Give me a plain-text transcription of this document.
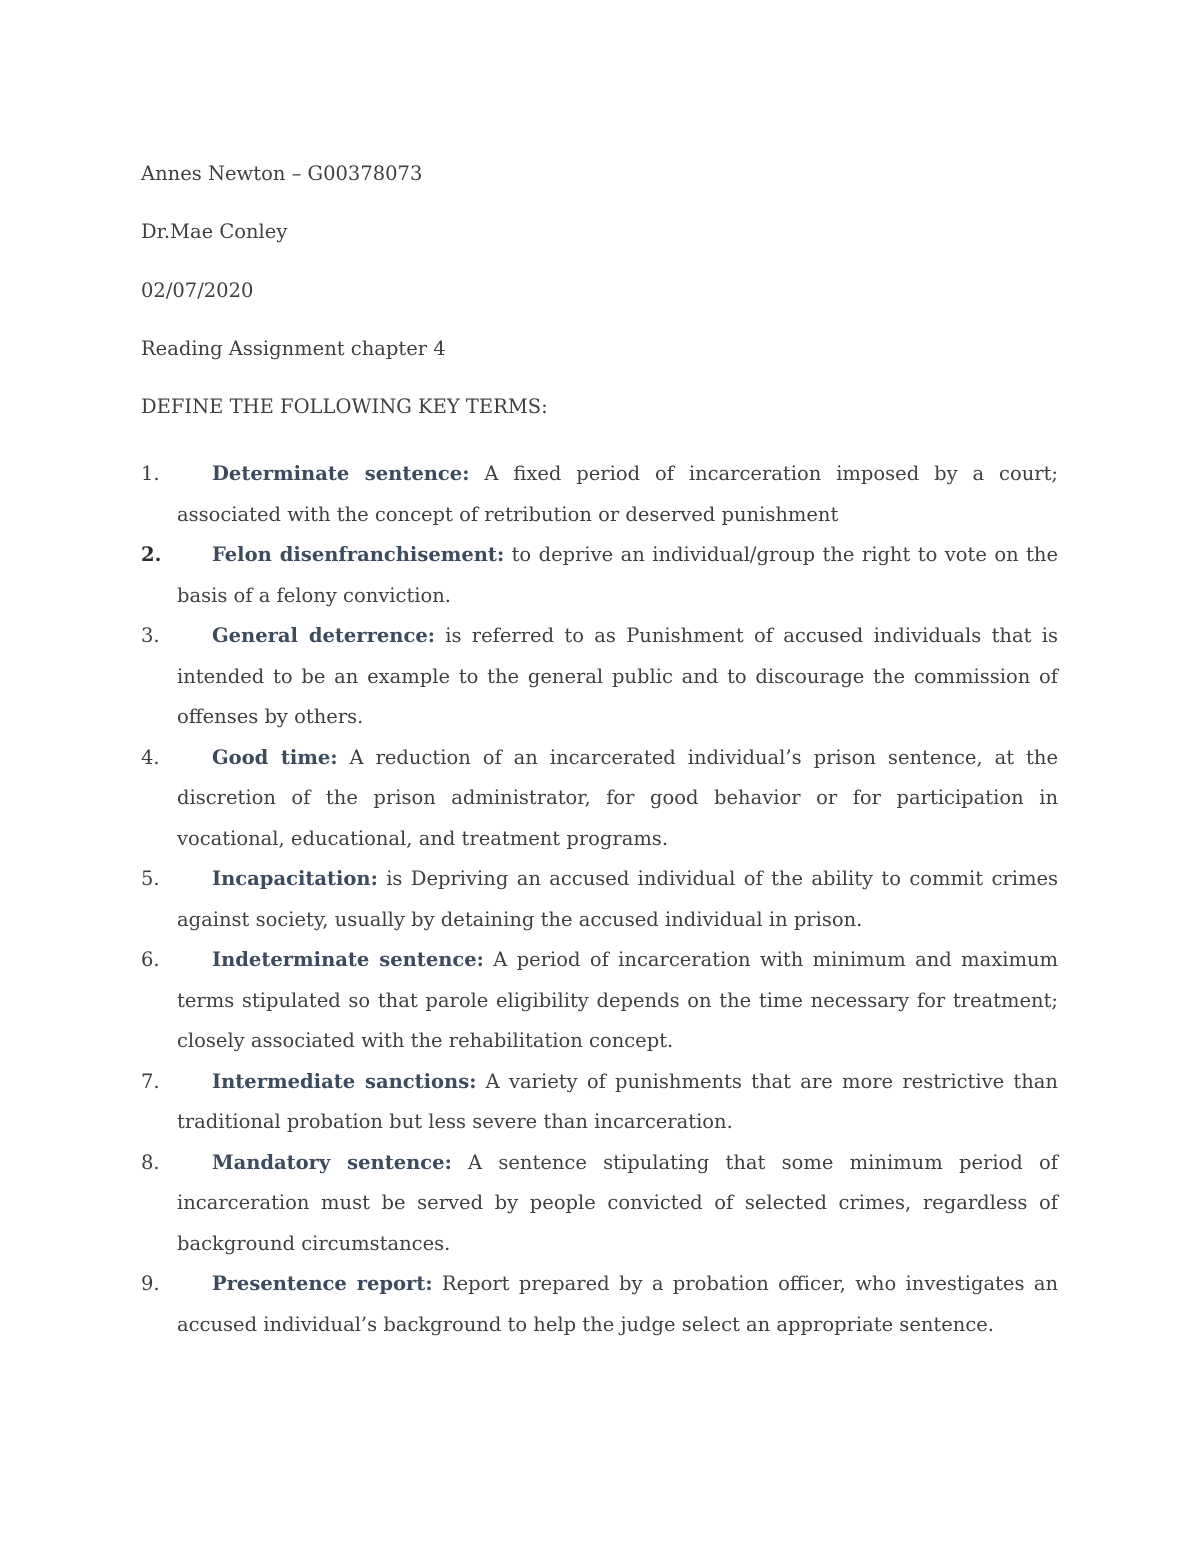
Annes Newton – G00378073
Dr.Mae Conley
02/07/2020
Reading Assignment chapter 4
DEFINE THE FOLLOWING KEY TERMS:
1.	Determinate sentence: A fixed period of incarceration imposed by a court; associated with the concept of retribution or deserved punishment
2.	Felon disenfranchisement: to deprive an individual/group the right to vote on the basis of a felony conviction.
3.	General deterrence: is referred to as Punishment of accused individuals that is intended to be an example to the general public and to discourage the commission of offenses by others.
4.	Good time: A reduction of an incarcerated individual’s prison sentence, at the discretion of the prison administrator, for good behavior or for participation in vocational, educational, and treatment programs.
5.	Incapacitation: is Depriving an accused individual of the ability to commit crimes against society, usually by detaining the accused individual in prison.
6.	Indeterminate sentence: A period of incarceration with minimum and maximum terms stipulated so that parole eligibility depends on the time necessary for treatment; closely associated with the rehabilitation concept.
7.	Intermediate sanctions: A variety of punishments that are more restrictive than traditional probation but less severe than incarceration.
8.	Mandatory sentence: A sentence stipulating that some minimum period of incarceration must be served by people convicted of selected crimes, regardless of background circumstances.
9.	Presentence report: Report prepared by a probation officer, who investigates an accused individual’s background to help the judge select an appropriate sentence.
